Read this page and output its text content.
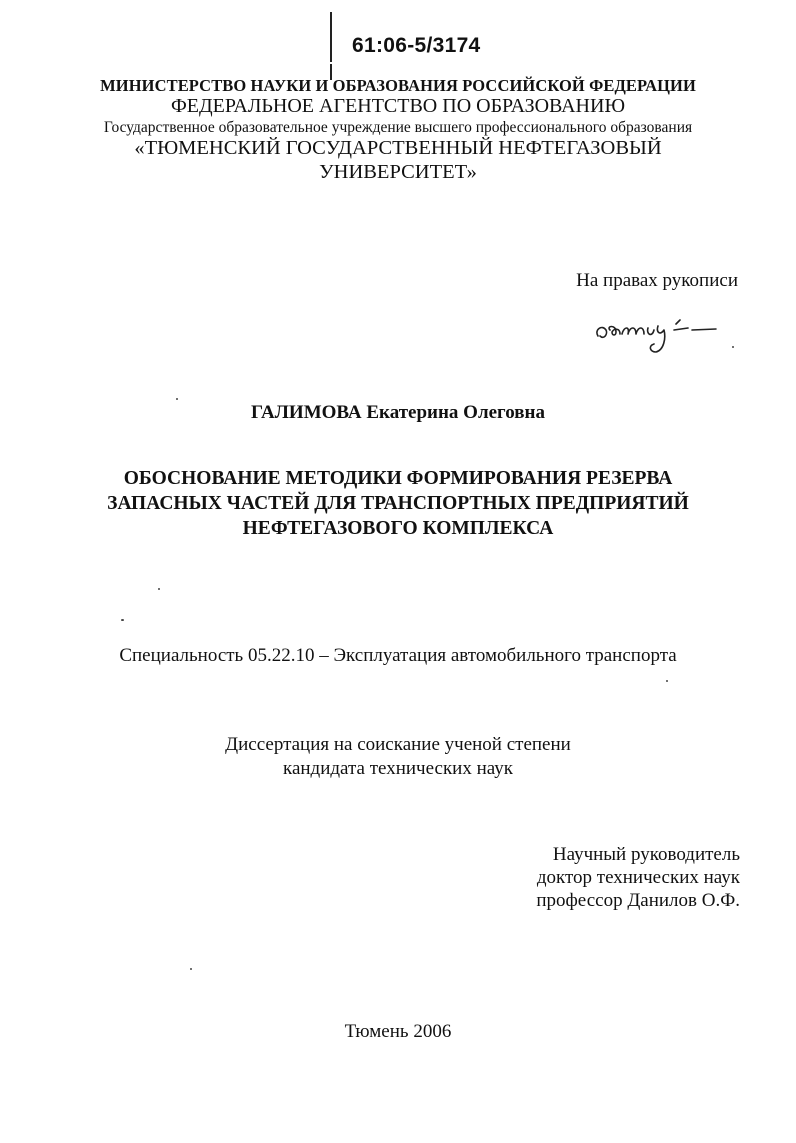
61:06-5/3174
МИНИСТЕРСТВО НАУКИ И ОБРАЗОВАНИЯ РОССИЙСКОЙ ФЕДЕРАЦИИ
ФЕДЕРАЛЬНОЕ АГЕНТСТВО ПО ОБРАЗОВАНИЮ
Государственное образовательное учреждение высшего профессионального образования
«ТЮМЕНСКИЙ ГОСУДАРСТВЕННЫЙ НЕФТЕГАЗОВЫЙ
УНИВЕРСИТЕТ»
На правах рукописи
ГАЛИМОВА Екатерина Олеговна
ОБОСНОВАНИЕ МЕТОДИКИ ФОРМИРОВАНИЯ РЕЗЕРВА
ЗАПАСНЫХ ЧАСТЕЙ ДЛЯ ТРАНСПОРТНЫХ ПРЕДПРИЯТИЙ
НЕФТЕГАЗОВОГО КОМПЛЕКСА
Специальность 05.22.10 – Эксплуатация автомобильного транспорта
Диссертация на соискание ученой степени
кандидата технических наук
Научный руководитель
доктор технических наук
профессор Данилов О.Ф.
Тюмень 2006
